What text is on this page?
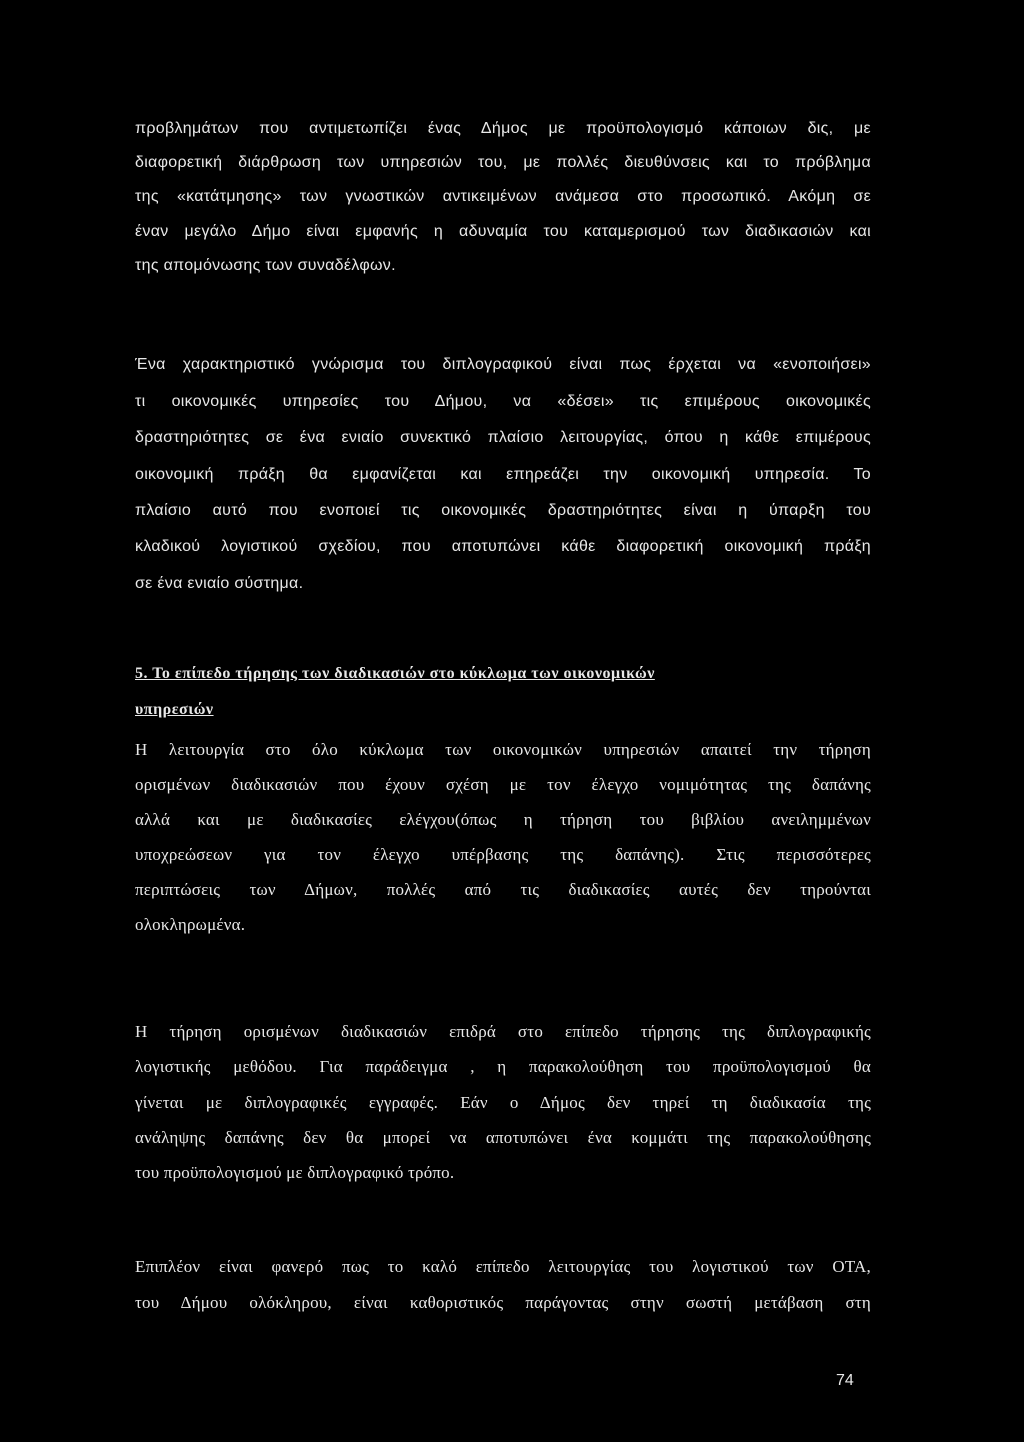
προβλημάτων που αντιμετωπίζει ένας Δήμος με προϋπολογισμό κάποιων δις, με
διαφορετική διάρθρωση των υπηρεσιών του, με πολλές διευθύνσεις και το πρόβλημα
της «κατάτμησης» των γνωστικών αντικειμένων ανάμεσα στο προσωπικό. Ακόμη σε
έναν μεγάλο Δήμο είναι εμφανής η αδυναμία του καταμερισμού των διαδικασιών και
της απομόνωσης των συναδέλφων.
Ένα χαρακτηριστικό γνώρισμα του διπλογραφικού είναι πως έρχεται να «ενοποιήσει»
τι οικονομικές υπηρεσίες του Δήμου, να «δέσει» τις επιμέρους οικονομικές
δραστηριότητες σε ένα ενιαίο συνεκτικό πλαίσιο λειτουργίας, όπου η κάθε επιμέρους
οικονομική πράξη θα εμφανίζεται και επηρεάζει την οικονομική υπηρεσία. Το
πλαίσιο αυτό που ενοποιεί τις οικονομικές δραστηριότητες είναι η ύπαρξη του
κλαδικού λογιστικού σχεδίου, που αποτυπώνει κάθε διαφορετική οικονομική πράξη
σε ένα ενιαίο σύστημα.
5. Το επίπεδο τήρησης των διαδικασιών στο κύκλωμα των οικονομικών
υπηρεσιών
Η λειτουργία στο όλο κύκλωμα των οικονομικών υπηρεσιών απαιτεί την τήρηση
ορισμένων διαδικασιών που έχουν σχέση με τον έλεγχο νομιμότητας της δαπάνης
αλλά και με διαδικασίες ελέγχου(όπως η τήρηση του βιβλίου ανειλημμένων
υποχρεώσεων για τον έλεγχο υπέρβασης της δαπάνης). Στις περισσότερες
περιπτώσεις των Δήμων, πολλές από τις διαδικασίες αυτές δεν τηρούνται
ολοκληρωμένα.
Η τήρηση ορισμένων διαδικασιών επιδρά στο επίπεδο τήρησης της διπλογραφικής
λογιστικής μεθόδου. Για παράδειγμα , η παρακολούθηση του προϋπολογισμού θα
γίνεται με διπλογραφικές εγγραφές. Εάν ο Δήμος δεν τηρεί τη διαδικασία της
ανάληψης δαπάνης δεν θα μπορεί να αποτυπώνει ένα κομμάτι της παρακολούθησης
του προϋπολογισμού με διπλογραφικό τρόπο.
Επιπλέον είναι φανερό πως το καλό επίπεδο λειτουργίας του λογιστικού των ΟΤΑ,
του Δήμου ολόκληρου, είναι καθοριστικός παράγοντας στην σωστή μετάβαση στη
74
